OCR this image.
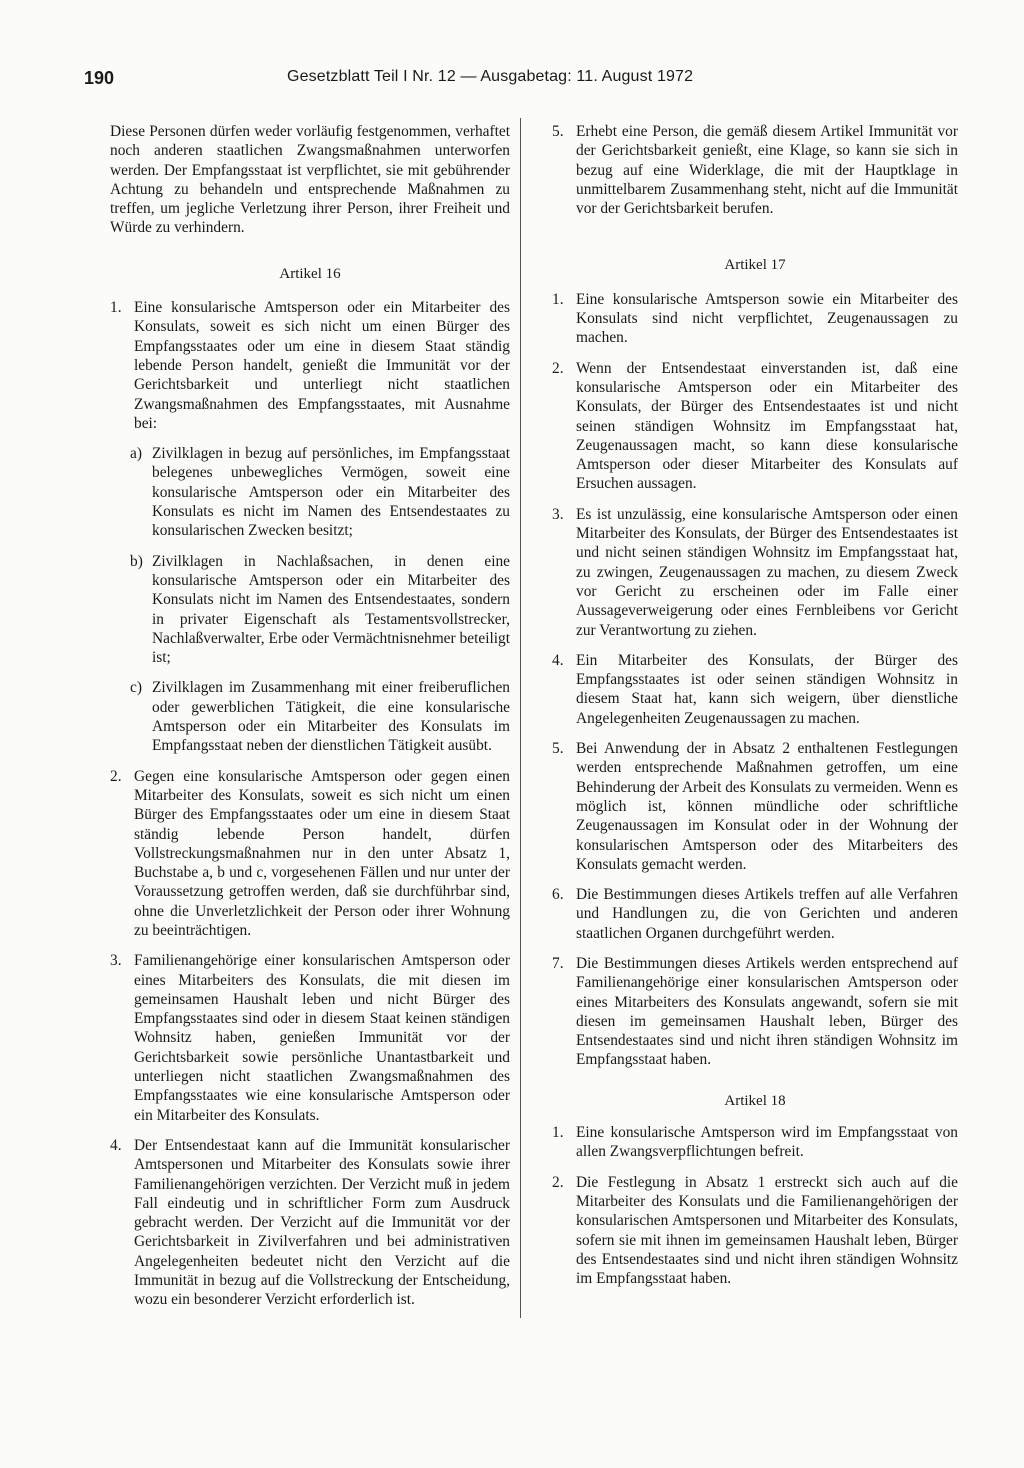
190	Gesetzblatt Teil I Nr. 12 — Ausgabetag: 11. August 1972

Diese Personen dürfen weder vorläufig festgenommen, verhaftet noch anderen staatlichen Zwangsmaßnahmen unterworfen werden. Der Empfangsstaat ist verpflichtet, sie mit gebührender Achtung zu behandeln und entsprechende Maßnahmen zu treffen, um jegliche Verletzung ihrer Person, ihrer Freiheit und Würde zu verhindern.

Artikel 16

1. Eine konsularische Amtsperson oder ein Mitarbeiter des Konsulats, soweit es sich nicht um einen Bürger des Empfangsstaates oder um eine in diesem Staat ständig lebende Person handelt, genießt die Immunität vor der Gerichtsbarkeit und unterliegt nicht staatlichen Zwangsmaßnahmen des Empfangsstaates, mit Ausnahme bei:
a) Zivilklagen in bezug auf persönliches, im Empfangsstaat belegenes unbewegliches Vermögen, soweit eine konsularische Amtsperson oder ein Mitarbeiter des Konsulats es nicht im Namen des Entsendestaates zu konsularischen Zwecken besitzt;
b) Zivilklagen in Nachlaßsachen, in denen eine konsularische Amtsperson oder ein Mitarbeiter des Konsulats nicht im Namen des Entsendestaates, sondern in privater Eigenschaft als Testamentsvollstrecker, Nachlaßverwalter, Erbe oder Vermächtnisnehmer beteiligt ist;
c) Zivilklagen im Zusammenhang mit einer freiberuflichen oder gewerblichen Tätigkeit, die eine konsularische Amtsperson oder ein Mitarbeiter des Konsulats im Empfangsstaat neben der dienstlichen Tätigkeit ausübt.
2. Gegen eine konsularische Amtsperson oder gegen einen Mitarbeiter des Konsulats, soweit es sich nicht um einen Bürger des Empfangsstaates oder um eine in diesem Staat ständig lebende Person handelt, dürfen Vollstreckungsmaßnahmen nur in den unter Absatz 1, Buchstabe a, b und c, vorgesehenen Fällen und nur unter der Voraussetzung getroffen werden, daß sie durchführbar sind, ohne die Unverletzlichkeit der Person oder ihrer Wohnung zu beeinträchtigen.
3. Familienangehörige einer konsularischen Amtsperson oder eines Mitarbeiters des Konsulats, die mit diesen im gemeinsamen Haushalt leben und nicht Bürger des Empfangsstaates sind oder in diesem Staat keinen ständigen Wohnsitz haben, genießen Immunität vor der Gerichtsbarkeit sowie persönliche Unantastbarkeit und unterliegen nicht staatlichen Zwangsmaßnahmen des Empfangsstaates wie eine konsularische Amtsperson oder ein Mitarbeiter des Konsulats.
4. Der Entsendestaat kann auf die Immunität konsularischer Amtspersonen und Mitarbeiter des Konsulats sowie ihrer Familienangehörigen verzichten. Der Verzicht muß in jedem Fall eindeutig und in schriftlicher Form zum Ausdruck gebracht werden. Der Verzicht auf die Immunität vor der Gerichtsbarkeit in Zivilverfahren und bei administrativen Angelegenheiten bedeutet nicht den Verzicht auf die Immunität in bezug auf die Vollstreckung der Entscheidung, wozu ein besonderer Verzicht erforderlich ist.
5. Erhebt eine Person, die gemäß diesem Artikel Immunität vor der Gerichtsbarkeit genießt, eine Klage, so kann sie sich in bezug auf eine Widerklage, die mit der Hauptklage in unmittelbarem Zusammenhang steht, nicht auf die Immunität vor der Gerichtsbarkeit berufen.

Artikel 17

1. Eine konsularische Amtsperson sowie ein Mitarbeiter des Konsulats sind nicht verpflichtet, Zeugenaussagen zu machen.
2. Wenn der Entsendestaat einverstanden ist, daß eine konsularische Amtsperson oder ein Mitarbeiter des Konsulats, der Bürger des Entsendestaates ist und nicht seinen ständigen Wohnsitz im Empfangsstaat hat, Zeugenaussagen macht, so kann diese konsularische Amtsperson oder dieser Mitarbeiter des Konsulats auf Ersuchen aussagen.
3. Es ist unzulässig, eine konsularische Amtsperson oder einen Mitarbeiter des Konsulats, der Bürger des Entsendestaates ist und nicht seinen ständigen Wohnsitz im Empfangsstaat hat, zu zwingen, Zeugenaussagen zu machen, zu diesem Zweck vor Gericht zu erscheinen oder im Falle einer Aussageverweigerung oder eines Fernbleibens vor Gericht zur Verantwortung zu ziehen.
4. Ein Mitarbeiter des Konsulats, der Bürger des Empfangsstaates ist oder seinen ständigen Wohnsitz in diesem Staat hat, kann sich weigern, über dienstliche Angelegenheiten Zeugenaussagen zu machen.
5. Bei Anwendung der in Absatz 2 enthaltenen Festlegungen werden entsprechende Maßnahmen getroffen, um eine Behinderung der Arbeit des Konsulats zu vermeiden. Wenn es möglich ist, können mündliche oder schriftliche Zeugenaussagen im Konsulat oder in der Wohnung der konsularischen Amtsperson oder des Mitarbeiters des Konsulats gemacht werden.
6. Die Bestimmungen dieses Artikels treffen auf alle Verfahren und Handlungen zu, die von Gerichten und anderen staatlichen Organen durchgeführt werden.
7. Die Bestimmungen dieses Artikels werden entsprechend auf Familienangehörige einer konsularischen Amtsperson oder eines Mitarbeiters des Konsulats angewandt, sofern sie mit diesen im gemeinsamen Haushalt leben, Bürger des Entsendestaates sind und nicht ihren ständigen Wohnsitz im Empfangsstaat haben.

Artikel 18

1. Eine konsularische Amtsperson wird im Empfangsstaat von allen Zwangsverpflichtungen befreit.
2. Die Festlegung in Absatz 1 erstreckt sich auch auf die Mitarbeiter des Konsulats und die Familienangehörigen der konsularischen Amtspersonen und Mitarbeiter des Konsulats, sofern sie mit ihnen im gemeinsamen Haushalt leben, Bürger des Entsendestaates sind und nicht ihren ständigen Wohnsitz im Empfangsstaat haben.
